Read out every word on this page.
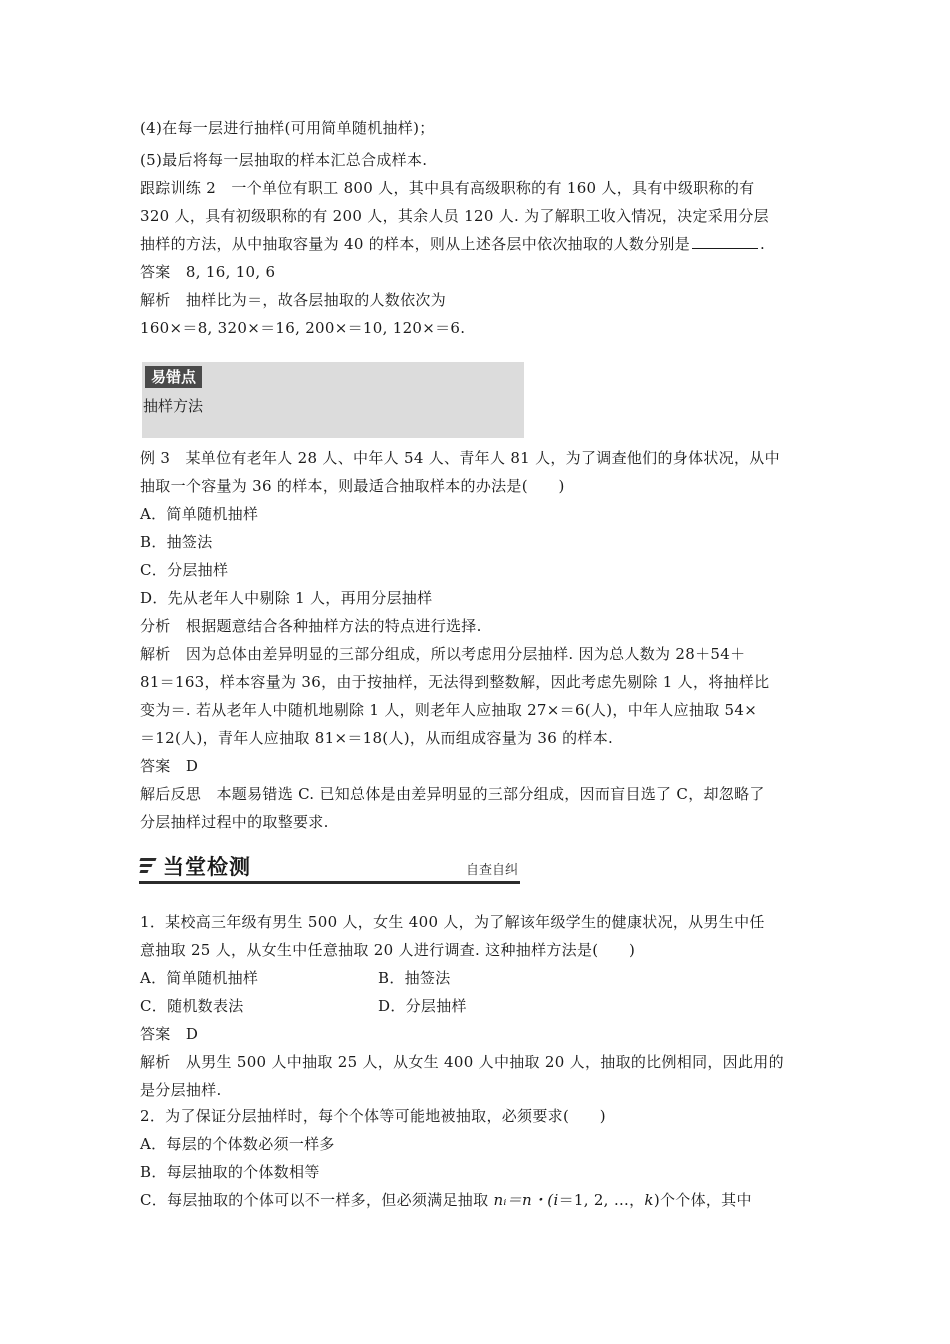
(4)在每一层进行抽样(可用简单随机抽样)；
(5)最后将每一层抽取的样本汇总合成样本.
跟踪训练 2　一个单位有职工 800 人，其中具有高级职称的有 160 人，具有中级职称的有
320 人，具有初级职称的有 200 人，其余人员 120 人. 为了解职工收入情况，决定采用分层
抽样的方法，从中抽取容量为 40 的样本，则从上述各层中依次抽取的人数分别是	.
答案　8, 16, 10, 6
解析　抽样比为＝，故各层抽取的人数依次为
160×＝8, 320×＝16, 200×＝10, 120×＝6.
易错点
抽样方法
例 3　某单位有老年人 28 人、中年人 54 人、青年人 81 人，为了调查他们的身体状况，从中
抽取一个容量为 36 的样本，则最适合抽取样本的办法是(　　)
A．简单随机抽样
B．抽签法
C．分层抽样
D．先从老年人中剔除 1 人，再用分层抽样
分析　根据题意结合各种抽样方法的特点进行选择.
解析　因为总体由差异明显的三部分组成，所以考虑用分层抽样. 因为总人数为 28＋54＋
81＝163，样本容量为 36，由于按抽样，无法得到整数解，因此考虑先剔除 1 人，将抽样比
变为＝. 若从老年人中随机地剔除 1 人，则老年人应抽取 27×＝6(人)，中年人应抽取 54×
＝12(人)，青年人应抽取 81×＝18(人)，从而组成容量为 36 的样本.
答案　D
解后反思　本题易错选 C. 已知总体是由差异明显的三部分组成，因而盲目选了 C，却忽略了
分层抽样过程中的取整要求.
当堂检测	自查自纠
1．某校高三年级有男生 500 人，女生 400 人，为了解该年级学生的健康状况，从男生中任
意抽取 25 人，从女生中任意抽取 20 人进行调查. 这种抽样方法是(　　)
A．简单随机抽样	B．抽签法
C．随机数表法	D．分层抽样
答案　D
解析　从男生 500 人中抽取 25 人，从女生 400 人中抽取 20 人，抽取的比例相同，因此用的
是分层抽样.
2．为了保证分层抽样时，每个个体等可能地被抽取，必须要求(　　)
A．每层的个体数必须一样多
B．每层抽取的个体数相等
C．每层抽取的个体可以不一样多，但必须满足抽取 nᵢ＝n・(i＝1, 2, …，k)个个体，其中
